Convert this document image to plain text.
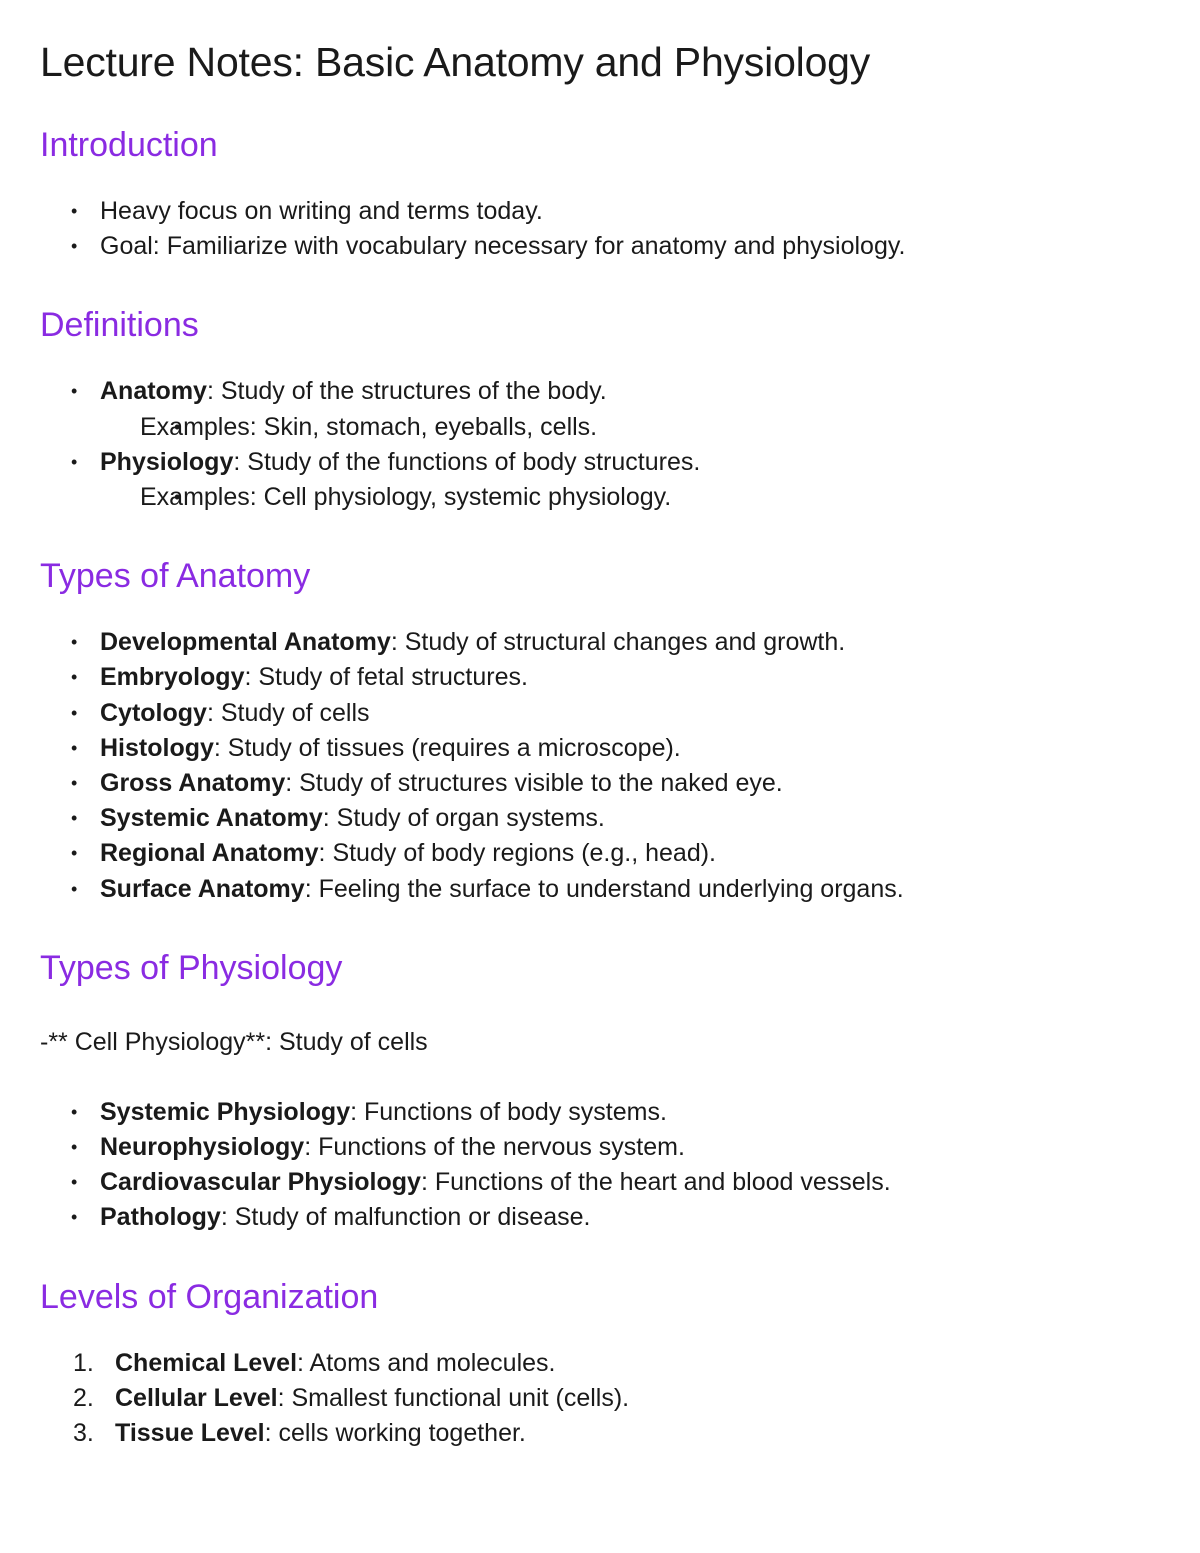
Lecture Notes: Basic Anatomy and Physiology
Introduction
• Heavy focus on writing and terms today.
• Goal: Familiarize with vocabulary necessary for anatomy and physiology.
Definitions
• Anatomy: Study of the structures of the body.
• Examples: Skin, stomach, eyeballs, cells.
• Physiology: Study of the functions of body structures.
• Examples: Cell physiology, systemic physiology.
Types of Anatomy
• Developmental Anatomy: Study of structural changes and growth.
• Embryology: Study of fetal structures.
• Cytology: Study of cells
• Histology: Study of tissues (requires a microscope).
• Gross Anatomy: Study of structures visible to the naked eye.
• Systemic Anatomy: Study of organ systems.
• Regional Anatomy: Study of body regions (e.g., head).
• Surface Anatomy: Feeling the surface to understand underlying organs.
Types of Physiology
-** Cell Physiology**: Study of cells
• Systemic Physiology: Functions of body systems.
• Neurophysiology: Functions of the nervous system.
• Cardiovascular Physiology: Functions of the heart and blood vessels.
• Pathology: Study of malfunction or disease.
Levels of Organization
1. Chemical Level: Atoms and molecules.
2. Cellular Level: Smallest functional unit (cells).
3. Tissue Level: cells working together.
